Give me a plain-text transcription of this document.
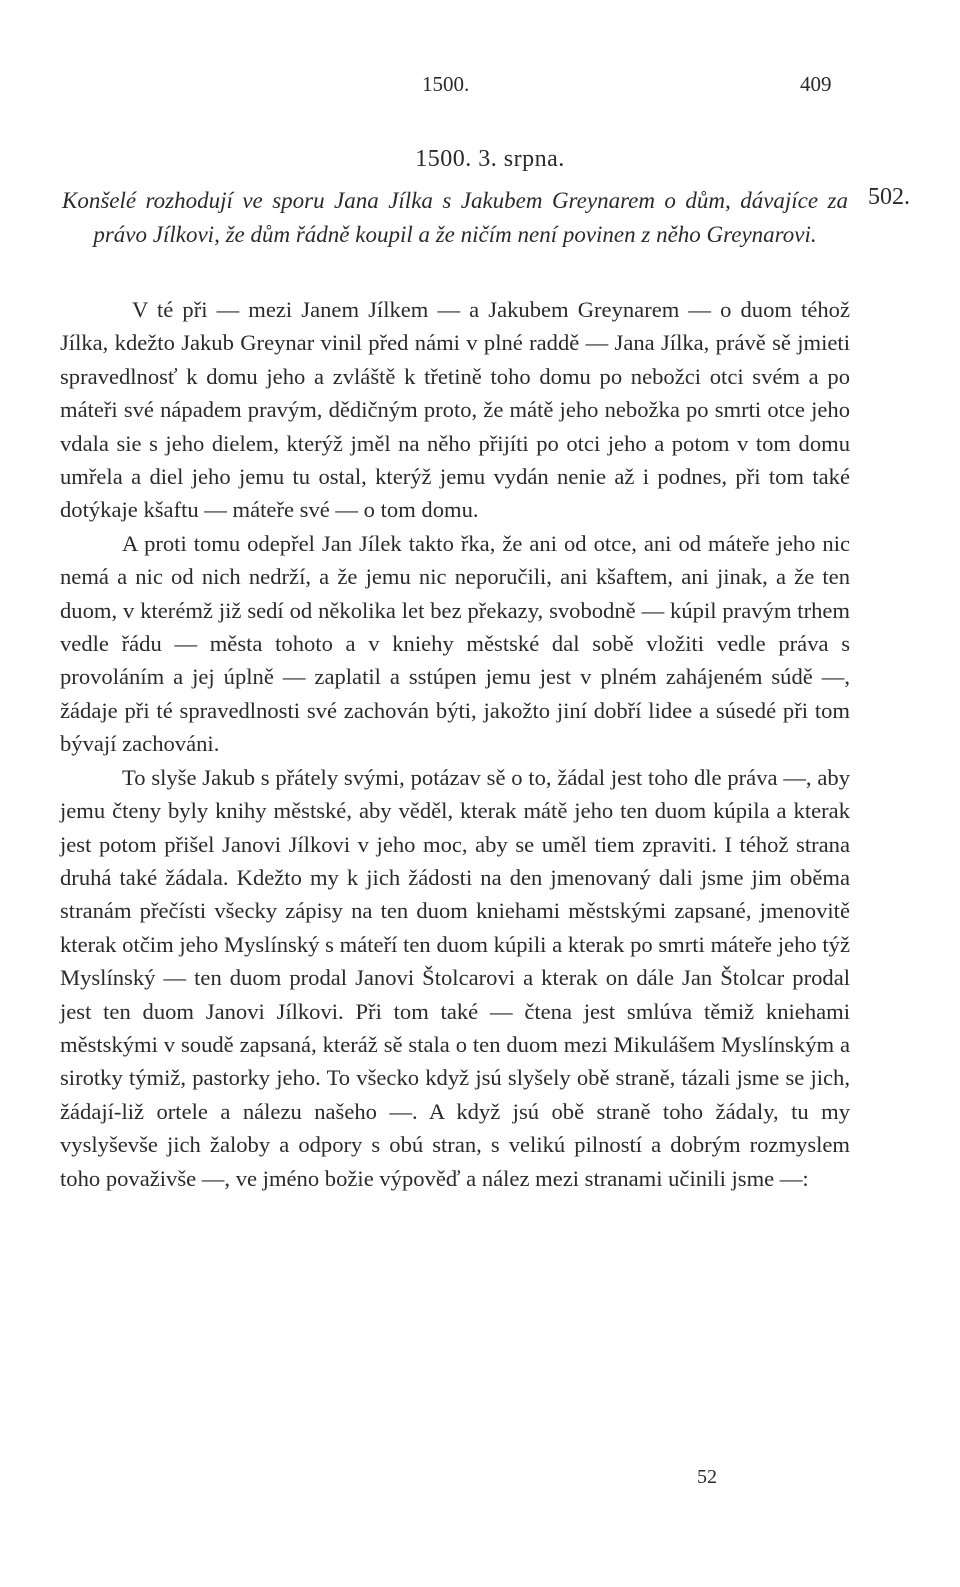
1500.	409
1500. 3. srpna.
502.
Konšelé rozhodují ve sporu Jana Jílka s Jakubem Greynarem o dům, dávajíce za právo Jílkovi, že dům řádně koupil a že ničím není povinen z něho Greynarovi.

V té při — mezi Janem Jílkem — a Jakubem Greynarem — o duom téhož Jílka, kdežto Jakub Greynar vinil před námi v plné raddě — Jana Jílka, právě sě jmieti spravedlnosť k domu jeho a zvláště k třetině toho domu po nebožci otci svém a po máteři své nápadem pravým, dědičným proto, že mátě jeho nebožka po smrti otce jeho vdala sie s jeho dielem, kterýž jměl na něho přijíti po otci jeho a potom v tom domu umřela a diel jeho jemu tu ostal, kterýž jemu vydán nenie až i podnes, při tom také dotýkaje kšaftu — máteře své — o tom domu.

A proti tomu odepřel Jan Jílek takto řka, že ani od otce, ani od máteře jeho nic nemá a nic od nich nedrží, a že jemu nic neporučili, ani kšaftem, ani jinak, a že ten duom, v kterémž již sedí od několika let bez překazy, svobodně — kúpil pravým trhem vedle řádu — města tohoto a v kniehy městské dal sobě vložiti vedle práva s provoláním a jej úplně — zaplatil a sstúpen jemu jest v plném zahájeném súdě —, žádaje při té spravedlnosti své zachován býti, jakožto jiní dobří lidee a súsedé při tom bývají zachováni.

To slyše Jakub s přátely svými, potázav sě o to, žádal jest toho dle práva —, aby jemu čteny byly knihy městské, aby věděl, kterak mátě jeho ten duom kúpila a kterak jest potom přišel Janovi Jílkovi v jeho moc, aby se uměl tiem zpraviti. I téhož strana druhá také žádala. Kdežto my k jich žádosti na den jmenovaný dali jsme jim oběma stranám přečísti všecky zápisy na ten duom kniehami městskými zapsané, jmenovitě kterak otčim jeho Myslínský s máteří ten duom kúpili a kterak po smrti máteře jeho týž Myslínský — ten duom prodal Janovi Štolcarovi a kterak on dále Jan Štolcar prodal jest ten duom Janovi Jílkovi. Při tom také — čtena jest smlúva těmiž kniehami městskými v soudě zapsaná, kteráž sě stala o ten duom mezi Mikulášem Myslínským a sirotky týmiž, pastorky jeho. To všecko když jsú slyšely obě straně, tázali jsme se jich, žádají-liž ortele a nálezu našeho —. A když jsú obě straně toho žádaly, tu my vyslyševše jich žaloby a odpory s obú stran, s velikú pilností a dobrým rozmyslem toho považivše —, ve jméno božie výpověď a nález mezi stranami učinili jsme —:

52
